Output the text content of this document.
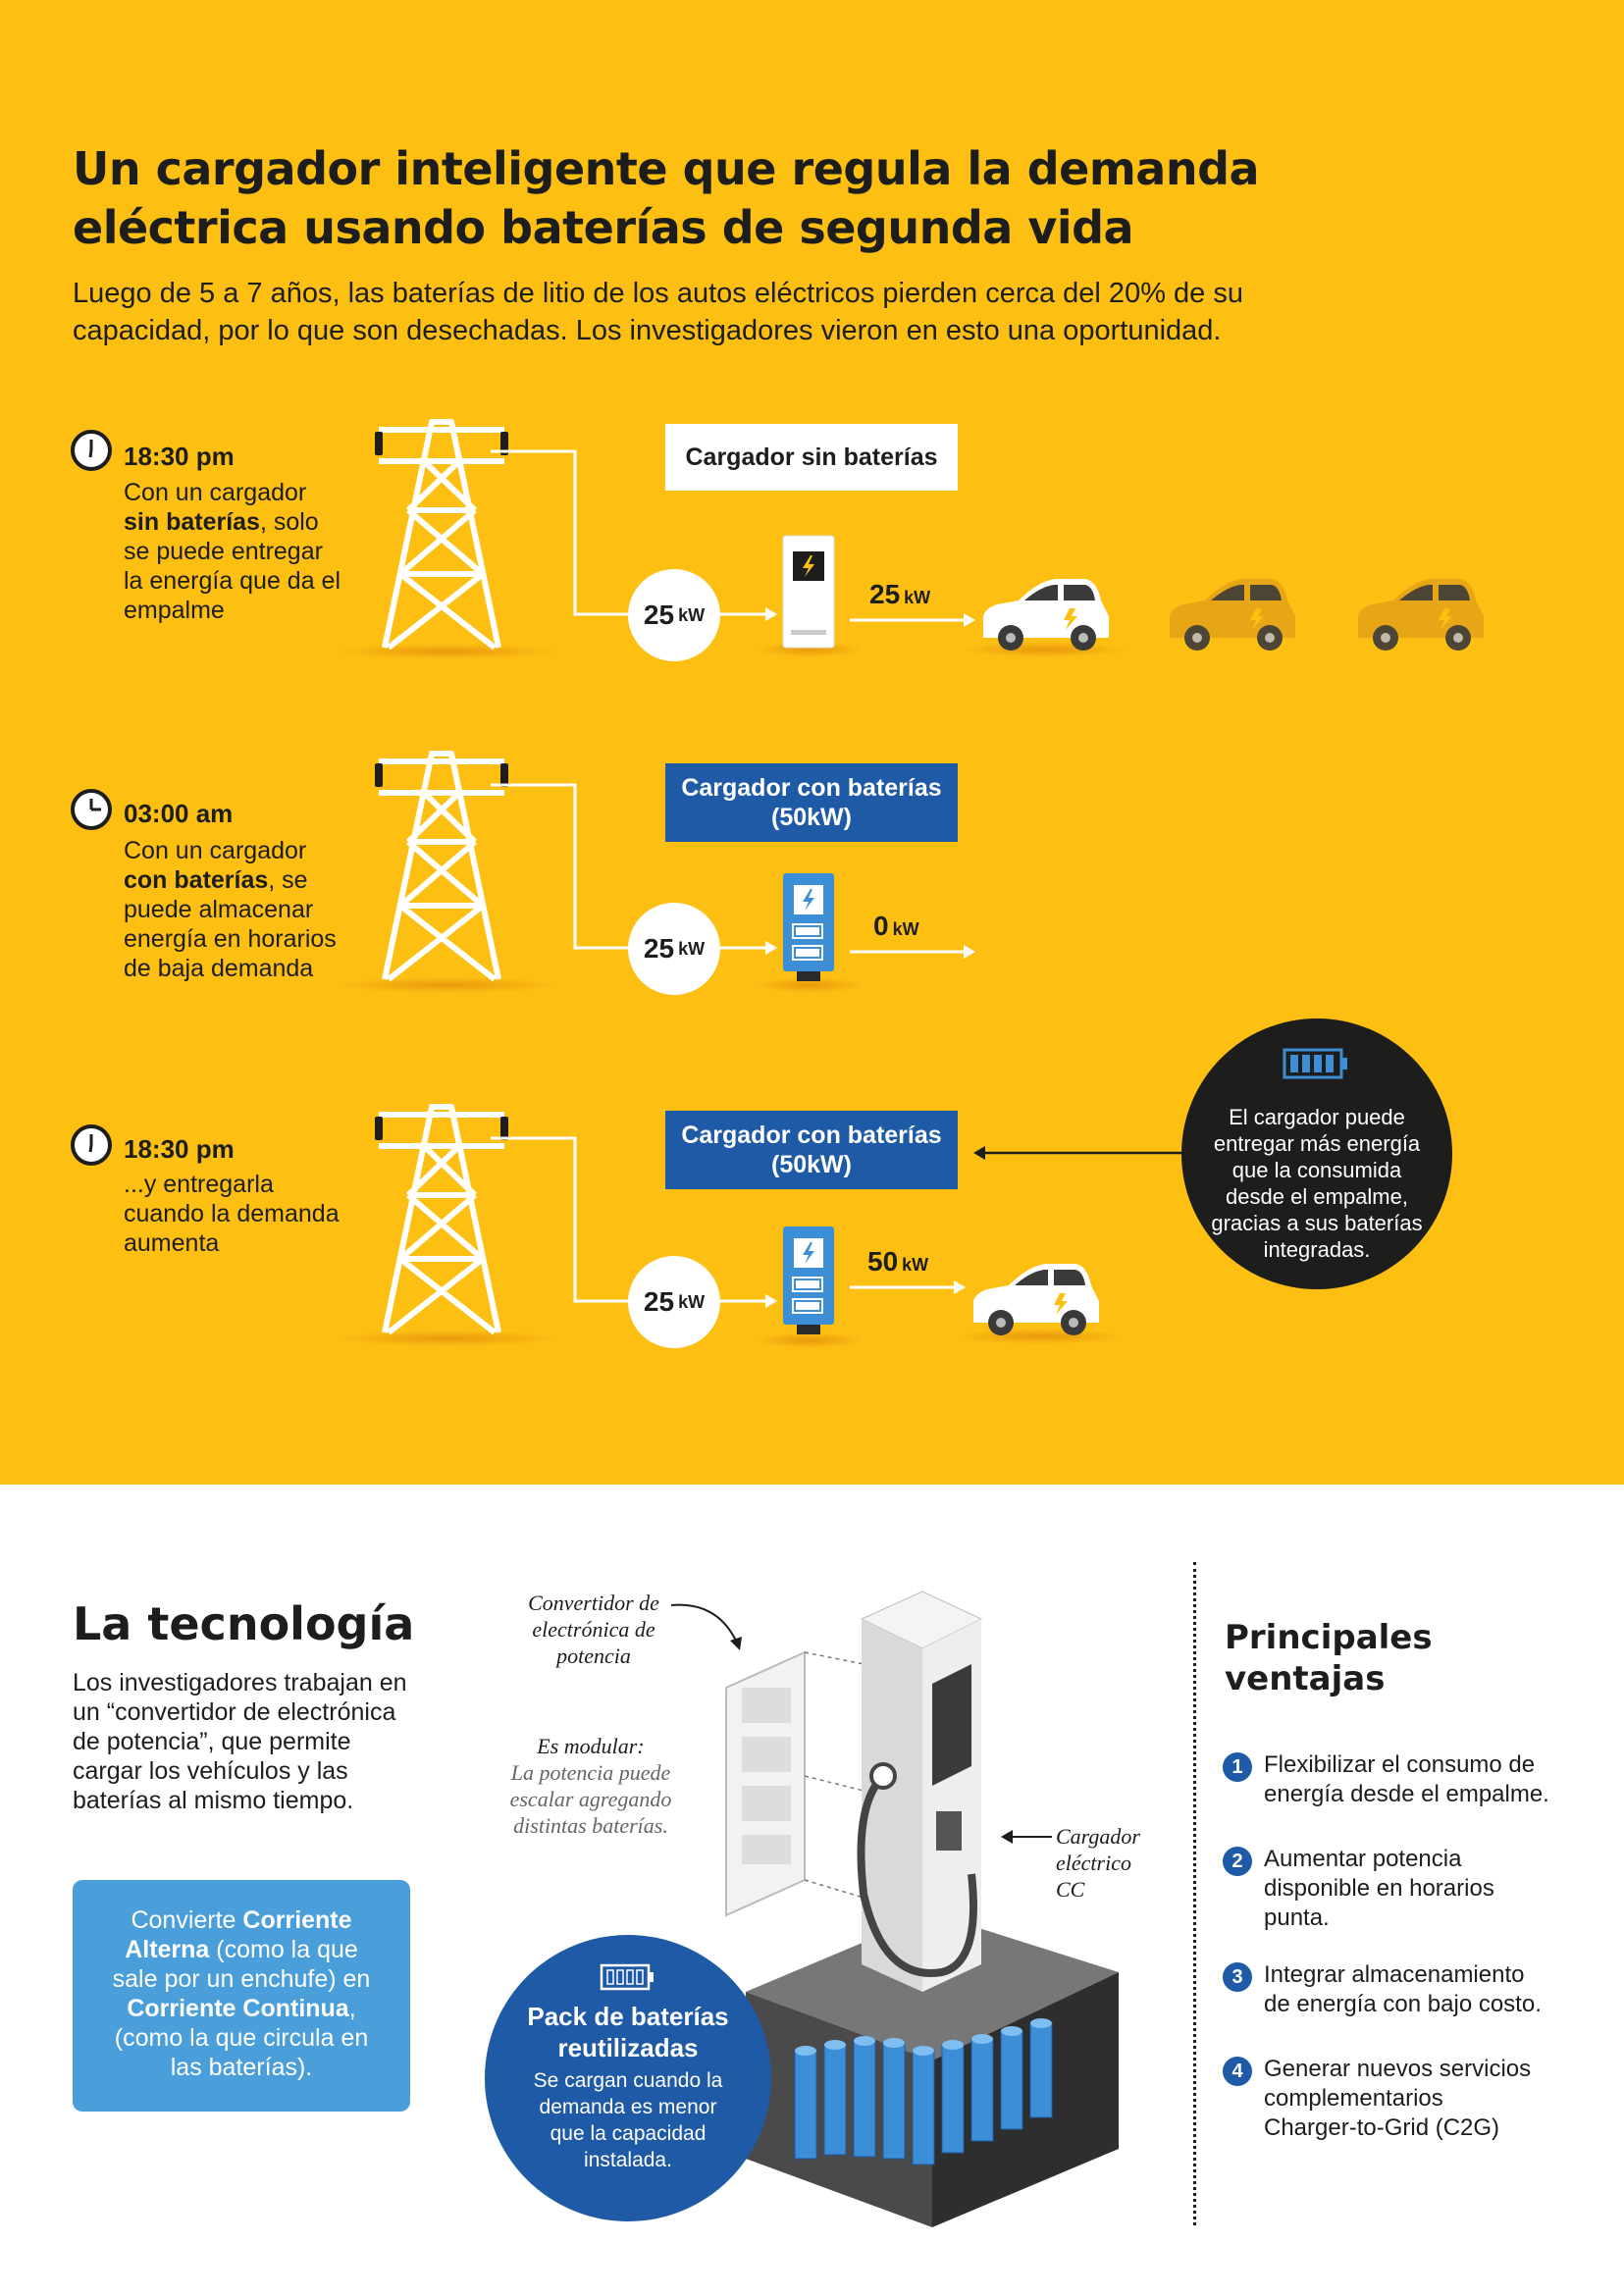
Un cargador inteligente que regula la demanda
eléctrica usando baterías de segunda vida
Luego de 5 a 7 años, las baterías de litio de los autos eléctricos pierden cerca del 20% de su
capacidad, por lo que son desechadas. Los investigadores vieron en esto una oportunidad.
18:30 pm
Con un cargador
sin baterías, solo
se puede entregar
la energía que da el
empalme	25 kW
Cargador sin baterías
25 kW
03:00 am
Con un cargador
con baterías, se
puede almacenar
energía en horarios
de baja demanda
25 kW
Cargador con baterías
(50kW)
0 kW
18:30 pm
...y entregarla
cuando la demanda
aumenta
25 kW
Cargador con baterías
(50kW)
50 kW
El cargador puede
entregar más energía
que la consumida
desde el empalme,
gracias a sus baterías
integradas.
La tecnología
Los investigadores trabajan en
un “convertidor de electrónica
de potencia”, que permite
cargar los vehículos y las
baterías al mismo tiempo.
Convierte Corriente
Alterna (como la que
sale por un enchufe) en
Corriente Continua,
(como la que circula en
las baterías).
Convertidor de
electrónica de
potencia
Es modular:
La potencia puede
escalar agregando
distintas baterías.	Cargador
eléctrico
CC
Pack de baterías
reutilizadas
Se cargan cuando la
demanda es menor
que la capacidad
instalada.
Principales
ventajas
1 Flexibilizar el consumo de
energía desde el empalme.
2 Aumentar potencia
disponible en horarios
punta.
3 Integrar almacenamiento
de energía con bajo costo.
4 Generar nuevos servicios
complementarios
Charger-to-Grid (C2G)
